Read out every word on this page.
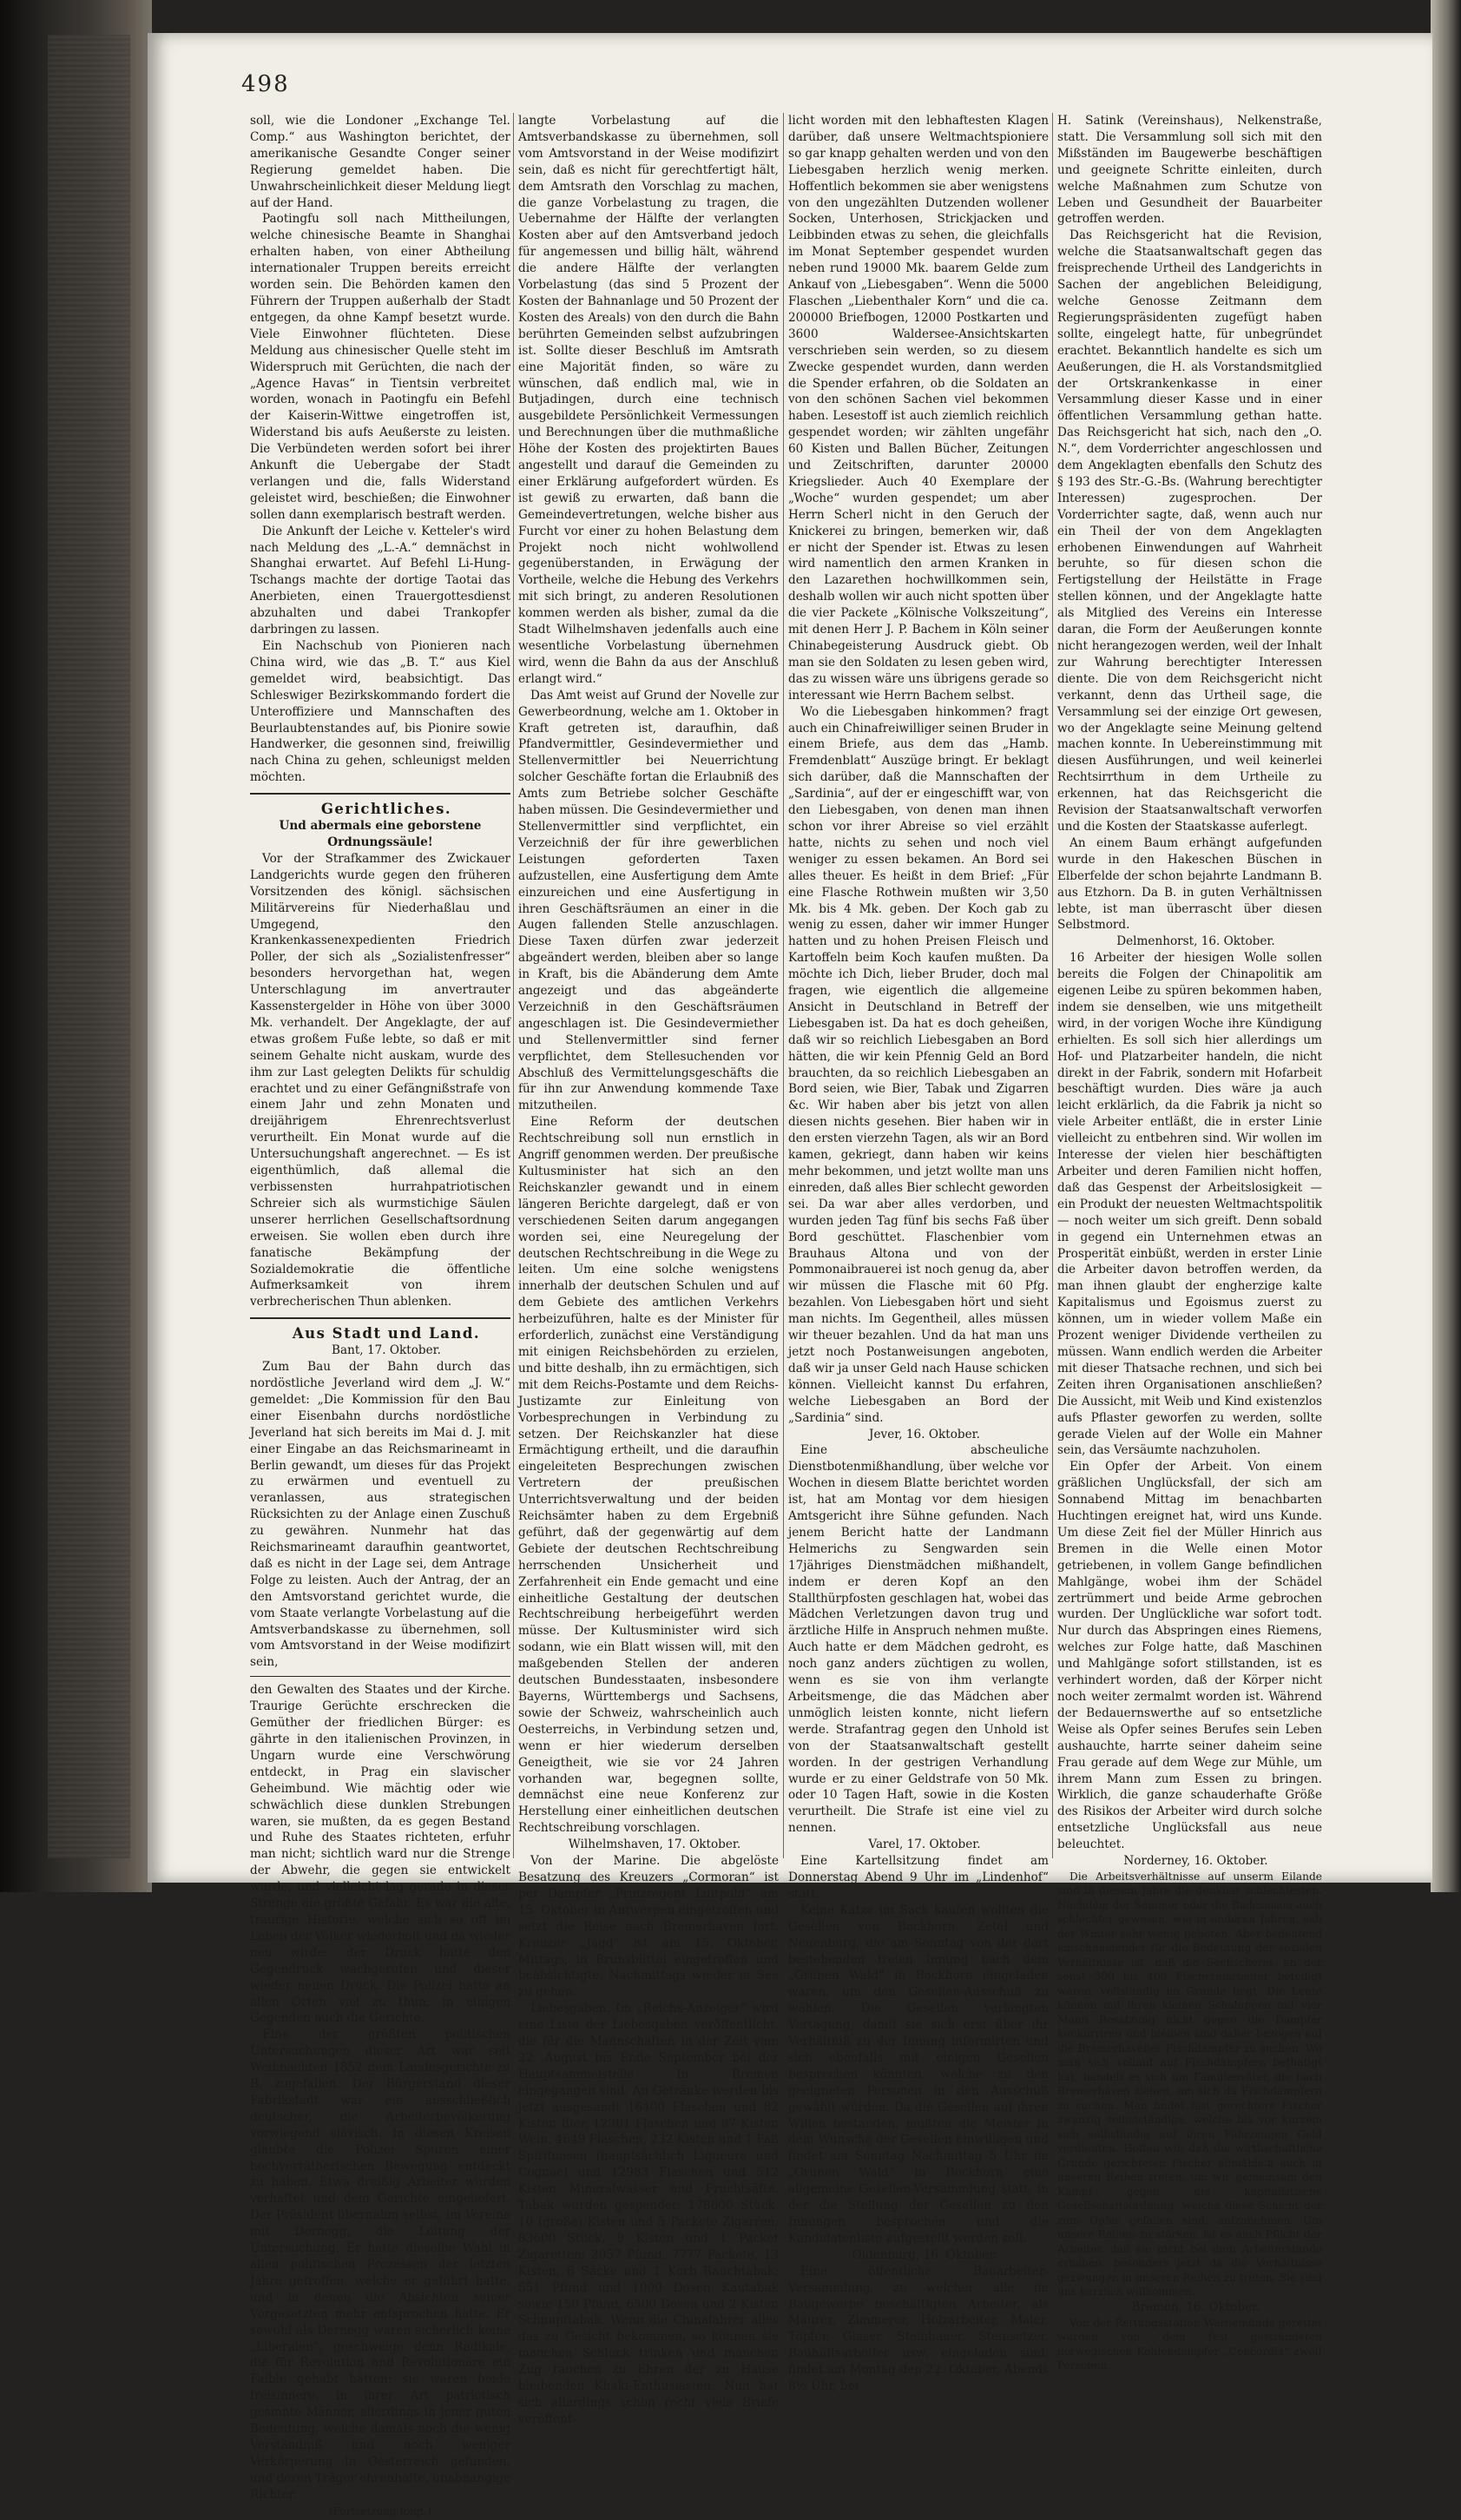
498

soll, wie die Londoner „Exchange Tel. Comp.“ aus Washington berichtet, der amerikanische Gesandte Conger seiner Regierung gemeldet haben. Die Unwahrscheinlichkeit dieser Meldung liegt auf der Hand.

Paotingfu soll nach Mittheilungen, welche chinesische Beamte in Shanghai erhalten haben, von einer Abtheilung internationaler Truppen bereits erreicht worden sein. Die Behörden kamen den Führern der Truppen außerhalb der Stadt entgegen, da ohne Kampf besetzt wurde. Viele Einwohner flüchteten. Diese Meldung aus chinesischer Quelle steht im Widerspruch mit Gerüchten, die nach der „Agence Havas“ in Tientsin verbreitet worden, wonach in Paotingfu ein Befehl der Kaiserin-Wittwe eingetroffen ist, Widerstand bis aufs Aeußerste zu leisten. Die Verbündeten werden sofort bei ihrer Ankunft die Uebergabe der Stadt verlangen und die, falls Widerstand geleistet wird, beschießen; die Einwohner sollen dann exemplarisch bestraft werden.

Die Ankunft der Leiche v. Ketteler's wird nach Meldung des „L.-A.“ demnächst in Shanghai erwartet. Auf Befehl Li-Hung-Tschangs machte der dortige Taotai das Anerbieten, einen Trauergottesdienst abzuhalten und dabei Trankopfer darbringen zu lassen.

Ein Nachschub von Pionieren nach China wird, wie das „B. T.“ aus Kiel gemeldet wird, beabsichtigt. Das Schleswiger Bezirkskommando fordert die Unteroffiziere und Mannschaften des Beurlaubtenstandes auf, bis Pionire sowie Handwerker, die gesonnen sind, freiwillig nach China zu gehen, schleunigst melden möchten.

Gerichtliches.

Und abermals eine geborstene Ordnungssäule!

Vor der Strafkammer des Zwickauer Landgerichts wurde gegen den früheren Vorsitzenden des königl. sächsischen Militärvereins für Niederhaßlau und Umgegend, den Krankenkassenexpedienten Friedrich Poller, der sich als „Sozialistenfresser“ besonders hervorgethan hat, wegen Unterschlagung im anvertrauter Kassenstergelder in Höhe von über 3000 Mk. verhandelt. Der Angeklagte, der auf etwas großem Fuße lebte, so daß er mit seinem Gehalte nicht auskam, wurde des ihm zur Last gelegten Delikts für schuldig erachtet und zu einer Gefängnißstrafe von einem Jahr und zehn Monaten und dreijährigem Ehrenrechtsverlust verurtheilt. Ein Monat wurde auf die Untersuchungshaft angerechnet. — Es ist eigenthümlich, daß allemal die verbissensten hurrahpatriotischen Schreier sich als wurmstichige Säulen unserer herrlichen Gesellschaftsordnung erweisen. Sie wollen eben durch ihre fanatische Bekämpfung der Sozialdemokratie die öffentliche Aufmerksamkeit von ihrem verbrecherischen Thun ablenken.

Aus Stadt und Land.

Bant, 17. Oktober.

Zum Bau der Bahn durch das nordöstliche Jeverland wird dem „J. W.“ gemeldet: „Die Kommission für den Bau einer Eisenbahn durchs nordöstliche Jeverland hat sich bereits im Mai d. J. mit einer Eingabe an das Reichsmarineamt in Berlin gewandt, um dieses für das Projekt zu erwärmen und eventuell zu veranlassen, aus strategischen Rücksichten zu der Anlage einen Zuschuß zu gewähren. Nunmehr hat das Reichsmarineamt daraufhin geantwortet, daß es nicht in der Lage sei, dem Antrage Folge zu leisten. Auch der Antrag, der an den Amtsvorstand gerichtet wurde, die vom Staate verlangte Vorbelastung auf die Amtsverbandskasse zu übernehmen, soll vom Amtsvorstand in der Weise modifizirt sein,

den Gewalten des Staates und der Kirche. Traurige Gerüchte erschrecken die Gemüther der friedlichen Bürger: es gährte in den italienischen Provinzen, in Ungarn wurde eine Verschwörung entdeckt, in Prag ein slavischer Geheimbund. Wie mächtig oder wie schwächlich diese dunklen Strebungen waren, sie mußten, da es gegen Bestand und Ruhe des Staates richteten, erfuhr man nicht; sichtlich ward nur die Strenge der Abwehr, die gegen sie entwickelt wurde, und vielleicht lag gerade in dieser Strenge die größte Gefahr. Es war die alte, traurige Historie, welche sich so oft im Leben der Völker wiederholt und da wieder neu wirde: der Druck hatte den Gegendruck wachgerufen und dieser wieder neuen Druck. Die Polizei hatte an allen Orten viel zu thun, in einigen Gegenden auch die Gerichte.

Eine der größten politischen Untersuchungen dieser Art war seit Weihnachten 1852 dem Landesgerichte zu B. zugefallen. Der Bürgerstand dieser Fabrikstadt war ein ausschließlich deutscher, die Arbeiterbevölkerung vorwiegend slavisch. In diesen Kreisen glaubte die Polizei Spuren einer hochverrätherischen Bewegung entdeckt zu haben. Etwa dreißig Arbeiter wurden verhaftet und dem Gerichte eingeliefert. Der Präsident übernahm selbst, im Vereine mit Dernegg, die Leitung der Untersuchung. Er hatte dieselbe Wahl in allen politischen Prozessen der letzten Jahre getroffen, welche er geführt hatte, und in denen die Absichten seiner Vorgesetzten mehr entsprochen hatte. Er sowohl als Dernegg waren sicherlich keine „Liberalen“, geschweige denn Radikale, die für Revolution und Revolutionäre ein Faible gehabt hätten; sie waren beide freisinnere, in ihrer Art patriotisch gesinnte Männer, allerdings in jener guten Bedeutung, welche damals noch die wenig Verständniß und noch weniger Verkörperung in Oesterreich gefunden, und deren Träger ehrenhafte, unabhängige Richter.

(Fortsetzung folgt.)

langte Vorbelastung auf die Amtsverbandskasse zu übernehmen, soll vom Amtsvorstand in der Weise modifizirt sein, daß es nicht für gerechtfertigt hält, dem Amtsrath den Vorschlag zu machen, die ganze Vorbelastung zu tragen, die Uebernahme der Hälfte der verlangten Kosten aber auf den Amtsverband jedoch für angemessen und billig hält, während die andere Hälfte der verlangten Vorbelastung (das sind 5 Prozent der Kosten der Bahnanlage und 50 Prozent der Kosten des Areals) von den durch die Bahn berührten Gemeinden selbst aufzubringen ist. Sollte dieser Beschluß im Amtsrath eine Majorität finden, so wäre zu wünschen, daß endlich mal, wie in Butjadingen, durch eine technisch ausgebildete Persönlichkeit Vermessungen und Berechnungen über die muthmaßliche Höhe der Kosten des projektirten Baues angestellt und darauf die Gemeinden zu einer Erklärung aufgefordert würden. Es ist gewiß zu erwarten, daß bann die Gemeindevertretungen, welche bisher aus Furcht vor einer zu hohen Belastung dem Projekt noch nicht wohlwollend gegenüberstanden, in Erwägung der Vortheile, welche die Hebung des Verkehrs mit sich bringt, zu anderen Resolutionen kommen werden als bisher, zumal da die Stadt Wilhelmshaven jedenfalls auch eine wesentliche Vorbelastung übernehmen wird, wenn die Bahn da aus der Anschluß erlangt wird.“

Das Amt weist auf Grund der Novelle zur Gewerbeordnung, welche am 1. Oktober in Kraft getreten ist, daraufhin, daß Pfandvermittler, Gesindevermiether und Stellenvermittler bei Neuerrichtung solcher Geschäfte fortan die Erlaubniß des Amts zum Betriebe solcher Geschäfte haben müssen. Die Gesindevermiether und Stellenvermittler sind verpflichtet, ein Verzeichniß der für ihre gewerblichen Leistungen geforderten Taxen aufzustellen, eine Ausfertigung dem Amte einzureichen und eine Ausfertigung in ihren Geschäftsräumen an einer in die Augen fallenden Stelle anzuschlagen. Diese Taxen dürfen zwar jederzeit abgeändert werden, bleiben aber so lange in Kraft, bis die Abänderung dem Amte angezeigt und das abgeänderte Verzeichniß in den Geschäftsräumen angeschlagen ist. Die Gesindevermiether und Stellenvermittler sind ferner verpflichtet, dem Stellesuchenden vor Abschluß des Vermittelungsgeschäfts die für ihn zur Anwendung kommende Taxe mitzutheilen.

Eine Reform der deutschen Rechtschreibung soll nun ernstlich in Angriff genommen werden. Der preußische Kultusminister hat sich an den Reichskanzler gewandt und in einem längeren Berichte dargelegt, daß er von verschiedenen Seiten darum angegangen worden sei, eine Neuregelung der deutschen Rechtschreibung in die Wege zu leiten. Um eine solche wenigstens innerhalb der deutschen Schulen und auf dem Gebiete des amtlichen Verkehrs herbeizuführen, halte es der Minister für erforderlich, zunächst eine Verständigung mit einigen Reichsbehörden zu erzielen, und bitte deshalb, ihn zu ermächtigen, sich mit dem Reichs-Postamte und dem Reichs-Justizamte zur Einleitung von Vorbesprechungen in Verbindung zu setzen. Der Reichskanzler hat diese Ermächtigung ertheilt, und die daraufhin eingeleiteten Besprechungen zwischen Vertretern der preußischen Unterrichtsverwaltung und der beiden Reichsämter haben zu dem Ergebniß geführt, daß der gegenwärtig auf dem Gebiete der deutschen Rechtschreibung herrschenden Unsicherheit und Zerfahrenheit ein Ende gemacht und eine einheitliche Gestaltung der deutschen Rechtschreibung herbeigeführt werden müsse. Der Kultusminister wird sich sodann, wie ein Blatt wissen will, mit den maßgebenden Stellen der anderen deutschen Bundesstaaten, insbesondere Bayerns, Württembergs und Sachsens, sowie der Schweiz, wahrscheinlich auch Oesterreichs, in Verbindung setzen und, wenn er hier wiederum derselben Geneigtheit, wie sie vor 24 Jahren vorhanden war, begegnen sollte, demnächst eine neue Konferenz zur Herstellung einer einheitlichen deutschen Rechtschreibung vorschlagen.

Wilhelmshaven, 17. Oktober.

Von der Marine. Die abgelöste Besatzung des Kreuzers „Cormoran“ ist per Dampfer „Prinzregent Luitpold“ am 15. Oktober in Antwerpen eingetroffen und setzt die Reise nach Bremerhaven fort. Kreuzer „Jagd“ ist am 15. Oktober, Mittags, in Brunsbüttel eingetroffen und beabsichtigte, Nachmittags wieder in See zu gehen.

Liebesgaben. Im „Reichs-Anzeiger“ wird eine Liste der Liebesgaben veröffentlicht, die für die Mannschaften in der Zeit vom 22. August bis Ende September bei der Hauptsammelstelle in Bremen eingegangen sind. An Getränke werden bis jetzt ausgesandt 16400 Flaschen und 82 Kisten Bier, 12301 Flaschen und 87 Kisten Wein, 4649 Flaschen, 232 Kisten und 1 Faß Spirituosen (hauptsächlich Liqueure und Cognac) und 12983 Flaschen und 512 Kisten Mineralwasser und Fruchtsäfte. Tabak wurden gespendet: 178600 Stück, 10 (große) Kisten und 5 Packete Zigarren; 83600 Stück, 9 Kisten und 1 Packet Zigaretten; 2057 Pfund, 7777 Packete, 13 Kisten, 6 Säcke und 1 Korb Rauchtabak; 551 Pfund und 1000 Dosen Kautabak sowie 150 Pfund, 6500 Dosen und 2 Kisten Schnupftabak. Wenn die Chinafahrer alles das zu Gesicht bekommen, so können sie manchen Schluck trinken und manchen Zug rauchen zu Ehren der zu Hause bleibenden Khaki-Enthusiasten. Nun hat sich allerdings schon recht viele Briefe veröffent-

licht worden mit den lebhaftesten Klagen darüber, daß unsere Weltmachtspioniere so gar knapp gehalten werden und von den Liebesgaben herzlich wenig merken. Hoffentlich bekommen sie aber wenigstens von den ungezählten Dutzenden wollener Socken, Unterhosen, Strickjacken und Leibbinden etwas zu sehen, die gleichfalls im Monat September gespendet wurden neben rund 19000 Mk. baarem Gelde zum Ankauf von „Liebesgaben“. Wenn die 5000 Flaschen „Liebenthaler Korn“ und die ca. 200000 Briefbogen, 12000 Postkarten und 3600 Waldersee-Ansichtskarten verschrieben sein werden, so zu diesem Zwecke gespendet wurden, dann werden die Spender erfahren, ob die Soldaten an von den schönen Sachen viel bekommen haben. Lesestoff ist auch ziemlich reichlich gespendet worden; wir zählten ungefähr 60 Kisten und Ballen Bücher, Zeitungen und Zeitschriften, darunter 20000 Kriegslieder. Auch 40 Exemplare der „Woche“ wurden gespendet; um aber Herrn Scherl nicht in den Geruch der Knickerei zu bringen, bemerken wir, daß er nicht der Spender ist. Etwas zu lesen wird namentlich den armen Kranken in den Lazarethen hochwillkommen sein, deshalb wollen wir auch nicht spotten über die vier Packete „Kölnische Volkszeitung“, mit denen Herr J. P. Bachem in Köln seiner Chinabegeisterung Ausdruck giebt. Ob man sie den Soldaten zu lesen geben wird, das zu wissen wäre uns übrigens gerade so interessant wie Herrn Bachem selbst.

Wo die Liebesgaben hinkommen? fragt auch ein Chinafreiwilliger seinen Bruder in einem Briefe, aus dem das „Hamb. Fremdenblatt“ Auszüge bringt. Er beklagt sich darüber, daß die Mannschaften der „Sardinia“, auf der er eingeschifft war, von den Liebesgaben, von denen man ihnen schon vor ihrer Abreise so viel erzählt hatte, nichts zu sehen und noch viel weniger zu essen bekamen. An Bord sei alles theuer. Es heißt in dem Brief: „Für eine Flasche Rothwein mußten wir 3,50 Mk. bis 4 Mk. geben. Der Koch gab zu wenig zu essen, daher wir immer Hunger hatten und zu hohen Preisen Fleisch und Kartoffeln beim Koch kaufen mußten. Da möchte ich Dich, lieber Bruder, doch mal fragen, wie eigentlich die allgemeine Ansicht in Deutschland in Betreff der Liebesgaben ist. Da hat es doch geheißen, daß wir so reichlich Liebesgaben an Bord hätten, die wir kein Pfennig Geld an Bord brauchten, da so reichlich Liebesgaben an Bord seien, wie Bier, Tabak und Zigarren &c. Wir haben aber bis jetzt von allen diesen nichts gesehen. Bier haben wir in den ersten vierzehn Tagen, als wir an Bord kamen, gekriegt, dann haben wir keins mehr bekommen, und jetzt wollte man uns einreden, daß alles Bier schlecht geworden sei. Da war aber alles verdorben, und wurden jeden Tag fünf bis sechs Faß über Bord geschüttet. Flaschenbier vom Brauhaus Altona und von der Pommonaibrauerei ist noch genug da, aber wir müssen die Flasche mit 60 Pfg. bezahlen. Von Liebesgaben hört und sieht man nichts. Im Gegentheil, alles müssen wir theuer bezahlen. Und da hat man uns jetzt noch Postanweisungen angeboten, daß wir ja unser Geld nach Hause schicken können. Vielleicht kannst Du erfahren, welche Liebesgaben an Bord der „Sardinia“ sind.

Jever, 16. Oktober.

Eine abscheuliche Dienstbotenmißhandlung, über welche vor Wochen in diesem Blatte berichtet worden ist, hat am Montag vor dem hiesigen Amtsgericht ihre Sühne gefunden. Nach jenem Bericht hatte der Landmann Helmerichs zu Sengwarden sein 17jähriges Dienstmädchen mißhandelt, indem er deren Kopf an den Stallthürpfosten geschlagen hat, wobei das Mädchen Verletzungen davon trug und ärztliche Hilfe in Anspruch nehmen mußte. Auch hatte er dem Mädchen gedroht, es noch ganz anders züchtigen zu wollen, wenn es sie von ihm verlangte Arbeitsmenge, die das Mädchen aber unmöglich leisten konnte, nicht liefern werde. Strafantrag gegen den Unhold ist von der Staatsanwaltschaft gestellt worden. In der gestrigen Verhandlung wurde er zu einer Geldstrafe von 50 Mk. oder 10 Tagen Haft, sowie in die Kosten verurtheilt. Die Strafe ist eine viel zu nennen.

Varel, 17. Oktober.

Eine Kartellsitzung findet am Donnerstag Abend 9 Uhr im „Lindenhof“ statt.

Keine Katze im Sack kaufen wollten die Gesellen von Bockhorn, Zetel und Neuenburg, die am Sonntag von der dort bestehenden freien Innung nach dem „Grünen Wald“ in Bockhorn eingeladen waren, um den Gesellen-Ausschuß zu wählen. Die Gesellen verlangten Vertagung, damit sie sich erst über ihr Verhältniß zu der Innung informirten und sich ebenfalls mit einigen Gesellen besprechen könnten, welche zu den geeigneten Personen in den Ausschuß gewählt würden. Da die Gesellen auf ihren Willen bestanden, mußten die Meister in dem Wunsche der Gesellen einwilligen und findet am Sonntag Nachmittag 5 Uhr im „Grünen Wald“ in Bockhorn eine allgemeine Gesellen-Versammlung statt, in der die Stellung der Gesellen zu den Innungen besprochen und die Kandidatenliste aufgestellt werden soll.

Oldenburg, 16. Oktober.

Eine öffentliche Bauarbeiter-Versammlung, zu welcher alle im Baugewerbe beschäftigten Arbeiter, als Maurer, Zimmerer, Holzarbeiter, Maler, Töpfer, Glaser, Steinhauer, Steinsetzer, Bauhülfsarbeiter usw. eingeladen sind, findet am Montag den 22. Oktober, Abends 8½ Uhr, bei

H. Satink (Vereinshaus), Nelkenstraße, statt. Die Versammlung soll sich mit den Mißständen im Baugewerbe beschäftigen und geeignete Schritte einleiten, durch welche Maßnahmen zum Schutze von Leben und Gesundheit der Bauarbeiter getroffen werden.

Das Reichsgericht hat die Revision, welche die Staatsanwaltschaft gegen das freisprechende Urtheil des Landgerichts in Sachen der angeblichen Beleidigung, welche Genosse Zeitmann dem Regierungspräsidenten zugefügt haben sollte, eingelegt hatte, für unbegründet erachtet. Bekanntlich handelte es sich um Aeußerungen, die H. als Vorstandsmitglied der Ortskrankenkasse in einer Versammlung dieser Kasse und in einer öffentlichen Versammlung gethan hatte. Das Reichsgericht hat sich, nach den „O. N.“, dem Vorderrichter angeschlossen und dem Angeklagten ebenfalls den Schutz des § 193 des Str.-G.-Bs. (Wahrung berechtigter Interessen) zugesprochen. Der Vorderrichter sagte, daß, wenn auch nur ein Theil der von dem Angeklagten erhobenen Einwendungen auf Wahrheit beruhte, so für diesen schon die Fertigstellung der Heilstätte in Frage stellen können, und der Angeklagte hatte als Mitglied des Vereins ein Interesse daran, die Form der Aeußerungen konnte nicht herangezogen werden, weil der Inhalt zur Wahrung berechtigter Interessen diente. Die von dem Reichsgericht nicht verkannt, denn das Urtheil sage, die Versammlung sei der einzige Ort gewesen, wo der Angeklagte seine Meinung geltend machen konnte. In Uebereinstimmung mit diesen Ausführungen, und weil keinerlei Rechtsirrthum in dem Urtheile zu erkennen, hat das Reichsgericht die Revision der Staatsanwaltschaft verworfen und die Kosten der Staatskasse auferlegt.

An einem Baum erhängt aufgefunden wurde in den Hakeschen Büschen in Elberfelde der schon bejahrte Landmann B. aus Etzhorn. Da B. in guten Verhältnissen lebte, ist man überrascht über diesen Selbstmord.

Delmenhorst, 16. Oktober.

16 Arbeiter der hiesigen Wolle sollen bereits die Folgen der Chinapolitik am eigenen Leibe zu spüren bekommen haben, indem sie denselben, wie uns mitgetheilt wird, in der vorigen Woche ihre Kündigung erhielten. Es soll sich hier allerdings um Hof- und Platzarbeiter handeln, die nicht direkt in der Fabrik, sondern mit Hofarbeit beschäftigt wurden. Dies wäre ja auch leicht erklärlich, da die Fabrik ja nicht so viele Arbeiter entläßt, die in erster Linie vielleicht zu entbehren sind. Wir wollen im Interesse der vielen hier beschäftigten Arbeiter und deren Familien nicht hoffen, daß das Gespenst der Arbeitslosigkeit — ein Produkt der neuesten Weltmachtspolitik — noch weiter um sich greift. Denn sobald in gegend ein Unternehmen etwas an Prosperität einbüßt, werden in erster Linie die Arbeiter davon betroffen werden, da man ihnen glaubt der engherzige kalte Kapitalismus und Egoismus zuerst zu können, um in wieder vollem Maße ein Prozent weniger Dividende vertheilen zu müssen. Wann endlich werden die Arbeiter mit dieser Thatsache rechnen, und sich bei Zeiten ihren Organisationen anschließen? Die Aussicht, mit Weib und Kind existenzlos aufs Pflaster geworfen zu werden, sollte gerade Vielen auf der Wolle ein Mahner sein, das Versäumte nachzuholen.

Ein Opfer der Arbeit. Von einem gräßlichen Unglücksfall, der sich am Sonnabend Mittag im benachbarten Huchtingen ereignet hat, wird uns Kunde. Um diese Zeit fiel der Müller Hinrich aus Bremen in die Welle einen Motor getriebenen, in vollem Gange befindlichen Mahlgänge, wobei ihm der Schädel zertrümmert und beide Arme gebrochen wurden. Der Unglückliche war sofort todt. Nur durch das Abspringen eines Riemens, welches zur Folge hatte, daß Maschinen und Mahlgänge sofort stillstanden, ist es verhindert worden, daß der Körper nicht noch weiter zermalmt worden ist. Während der Bedauernswerthe auf so entsetzliche Weise als Opfer seines Berufes sein Leben aushauchte, harrte seiner daheim seine Frau gerade auf dem Wege zur Mühle, um ihrem Mann zum Essen zu bringen. Wirklich, die ganze schauderhafte Größe des Risikos der Arbeiter wird durch solche entsetzliche Unglücksfall aus neue beleuchtet.

Norderney, 16. Oktober.

Die Arbeitsverhältnisse auf unserm Eilande sind in diesem Jahre die denkbar schlechtesten. Nachdem der Sommer oder die Badesaison auch schlechter gewesen, wie in anderen Jahren, sah der Winter sehr wenig geboten. Aber bedeutend einschneidender für die Bedeutung der sozialen Verhältnisse ist, daß die Seefischerei, an der sonst 300 bis 400 Fischereiarbeiter beteiligt waren, vollständig im Grunde liegt. Die Leute können mit ihren kleinen Schaluppen mit vier Mann Besatzung nicht gegen die Dampfer konkurriren und bleiben sind daher bezogen auf die Bremerhavener Fischdampfer zu suchen. Wo man sich vollauf auf Fischdampfern bethätigt hat, handelt es sich um Familienväter, die nach Bremerhaven ziehen, um sich da Fischdampfern zu suchen. Man findet fast gerechtere Fischer zwanzig selbstständige, welche bis vor kurzem sich selbständig auf ihren Fahrzeugen Geld verdienten. Hoffen wir, daß die wirthschaftliche Grunde gerichteten Fischer allmählich auch in unseren Reihen treten, um wir gemeinsam den Kampf gegen die kapitalistische Gesellschaftsordnung, welche diese Schicht der zum Opfer gefallen sind, aufzunehmen. Um unsere Reihen zu stärken, ist es auch Pflicht der Arbeiter, daß sie nicht bei dem Arbeiterstande erhaben, besonders jetzt da die Verhältnisse gezwungen in unseren Reihen zu treten. Sie sind uns herzlich willkommen.

Bremen, 16. Oktober.

Von der Rettungsstation Warnemünde gerettet wurden von dem fest gestrandeten norwegischen Kohlendampfer „Concordia“ zwölf Personen.
